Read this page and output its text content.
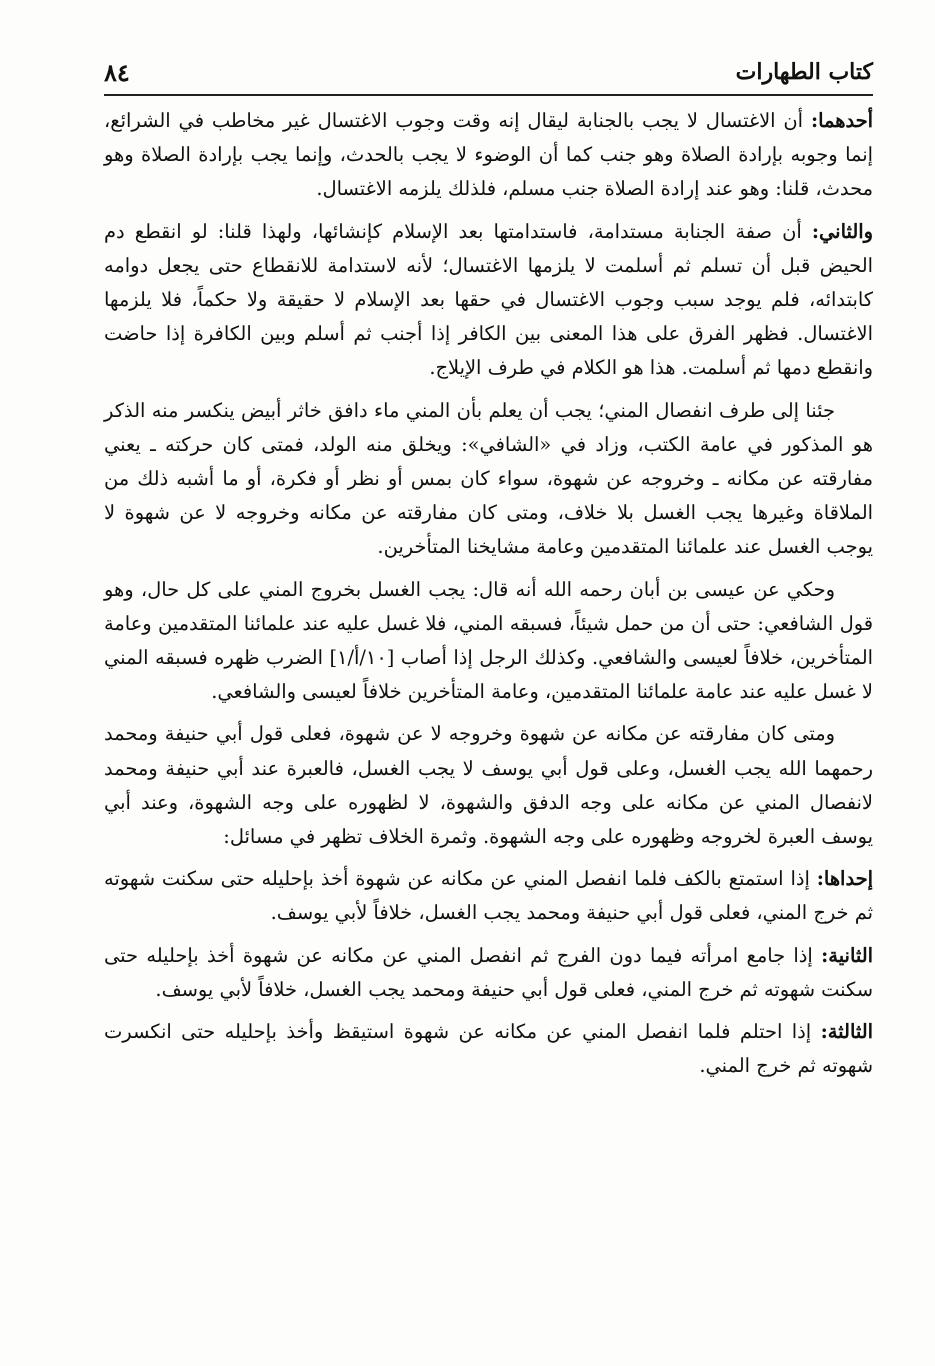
كتاب الطهارات
٨٤

أحدهما: أن الاغتسال لا يجب بالجنابة ليقال إنه وقت وجوب الاغتسال غير مخاطب في الشرائع، إنما وجوبه بإرادة الصلاة وهو جنب كما أن الوضوء لا يجب بالحدث، وإنما يجب بإرادة الصلاة وهو محدث، قلنا: وهو عند إرادة الصلاة جنب مسلم، فلذلك يلزمه الاغتسال.

والثاني: أن صفة الجنابة مستدامة، فاستدامتها بعد الإسلام كإنشائها، ولهذا قلنا: لو انقطع دم الحيض قبل أن تسلم ثم أسلمت لا يلزمها الاغتسال؛ لأنه لاستدامة للانقطاع حتى يجعل دوامه كابتدائه، فلم يوجد سبب وجوب الاغتسال في حقها بعد الإسلام لا حقيقة ولا حكماً، فلا يلزمها الاغتسال. فظهر الفرق على هذا المعنى بين الكافر إذا أجنب ثم أسلم وبين الكافرة إذا حاضت وانقطع دمها ثم أسلمت. هذا هو الكلام في طرف الإيلاج.

جئنا إلى طرف انفصال المني؛ يجب أن يعلم بأن المني ماء دافق خاثر أبيض ينكسر منه الذكر هو المذكور في عامة الكتب، وزاد في «الشافي»: ويخلق منه الولد، فمتى كان حركته ـ يعني مفارقته عن مكانه ـ وخروجه عن شهوة، سواء كان بمس أو نظر أو فكرة، أو ما أشبه ذلك من الملاقاة وغيرها يجب الغسل بلا خلاف، ومتى كان مفارقته عن مكانه وخروجه لا عن شهوة لا يوجب الغسل عند علمائنا المتقدمين وعامة مشايخنا المتأخرين.

وحكي عن عيسى بن أبان رحمه الله أنه قال: يجب الغسل بخروج المني على كل حال، وهو قول الشافعي: حتى أن من حمل شيئاً، فسبقه المني، فلا غسل عليه عند علمائنا المتقدمين وعامة المتأخرين، خلافاً لعيسى والشافعي. وكذلك الرجل إذا أصاب [١٠/أ/١] الضرب ظهره فسبقه المني لا غسل عليه عند عامة علمائنا المتقدمين، وعامة المتأخرين خلافاً لعيسى والشافعي.

ومتى كان مفارقته عن مكانه عن شهوة وخروجه لا عن شهوة، فعلى قول أبي حنيفة ومحمد رحمهما الله يجب الغسل، وعلى قول أبي يوسف لا يجب الغسل، فالعبرة عند أبي حنيفة ومحمد لانفصال المني عن مكانه على وجه الدفق والشهوة، لا لظهوره على وجه الشهوة، وعند أبي يوسف العبرة لخروجه وظهوره على وجه الشهوة. وثمرة الخلاف تظهر في مسائل:

إحداها: إذا استمتع بالكف فلما انفصل المني عن مكانه عن شهوة أخذ بإحليله حتى سكنت شهوته ثم خرج المني، فعلى قول أبي حنيفة ومحمد يجب الغسل، خلافاً لأبي يوسف.

الثانية: إذا جامع امرأته فيما دون الفرج ثم انفصل المني عن مكانه عن شهوة أخذ بإحليله حتى سكنت شهوته ثم خرج المني، فعلى قول أبي حنيفة ومحمد يجب الغسل، خلافاً لأبي يوسف.

الثالثة: إذا احتلم فلما انفصل المني عن مكانه عن شهوة استيقظ وأخذ بإحليله حتى انكسرت شهوته ثم خرج المني.
